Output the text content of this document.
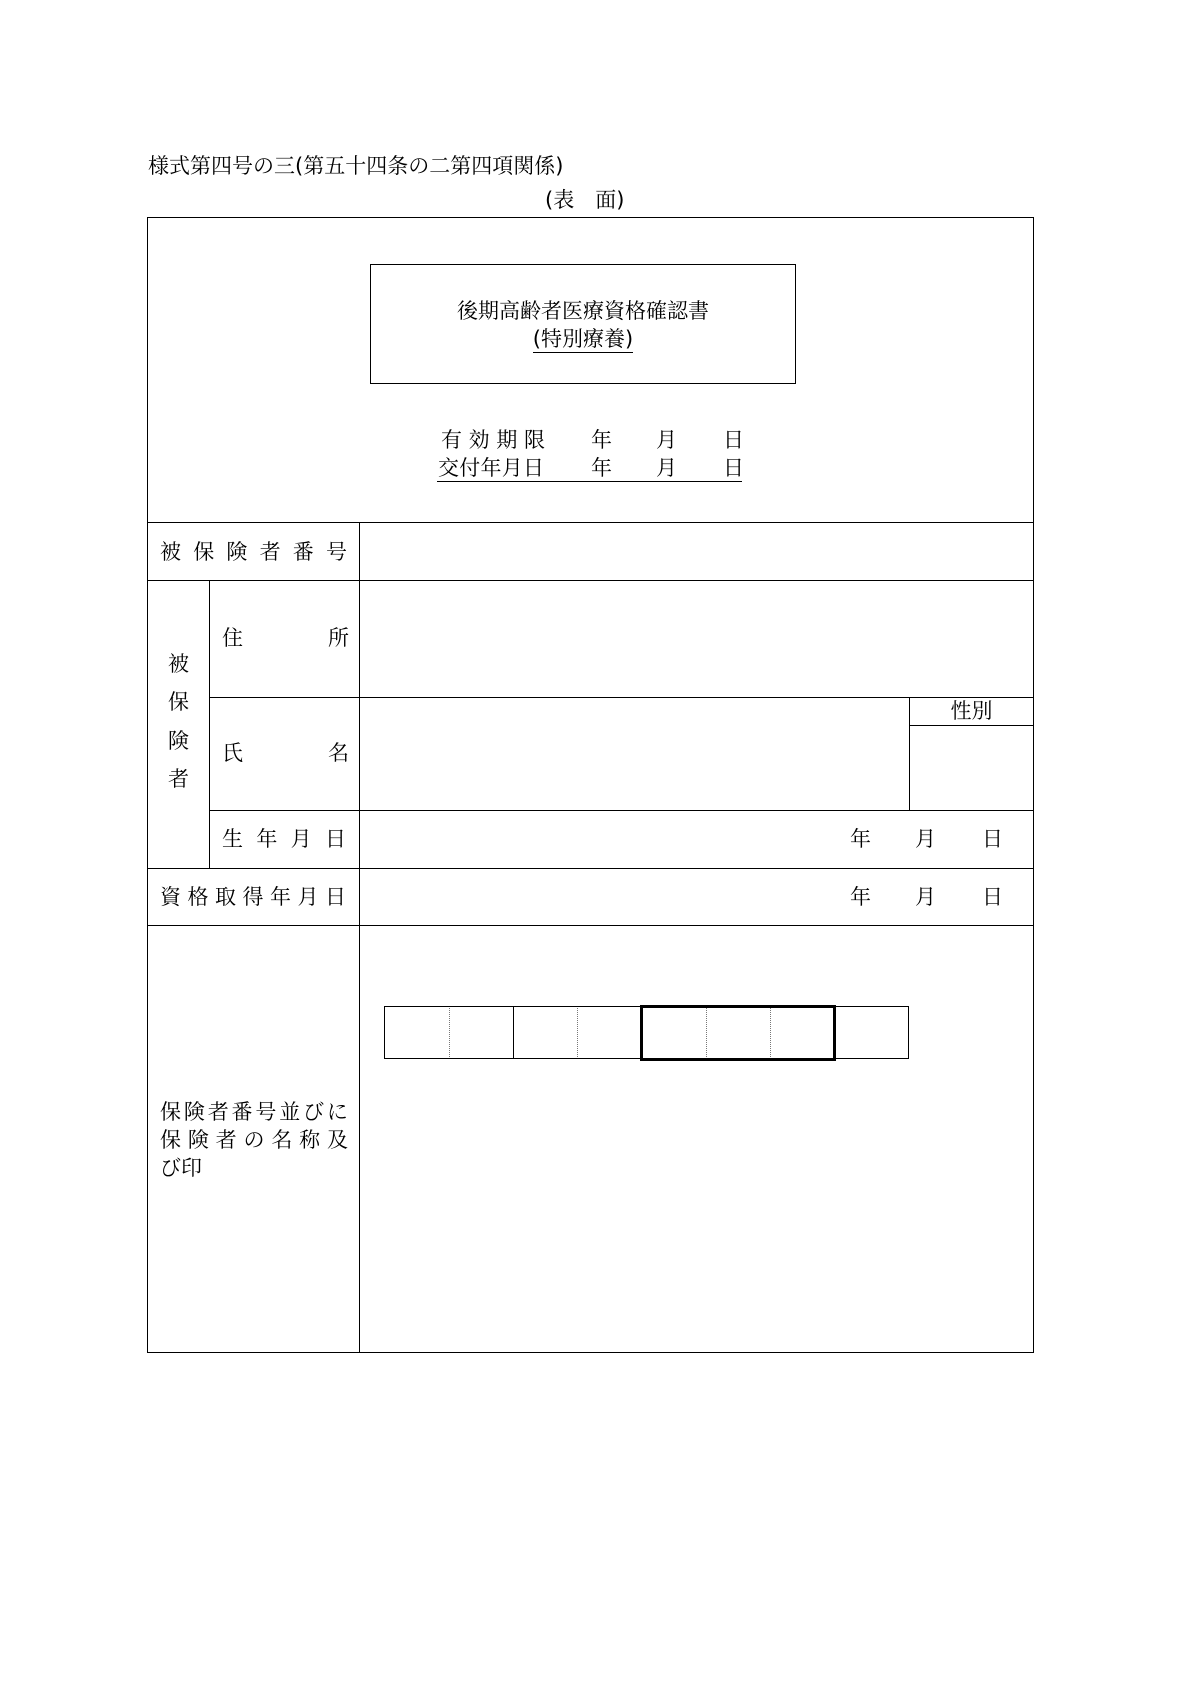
様式第四号の三(第五十四条の二第四項関係)
(表　面)
後期高齢者医療資格確認書
(特別療養)
有 効 期 限 年 月 日
交 付 年 月 日 年 月 日
被 保 険 者 番 号
被
保
険
者
住	所
氏	名
性別
生 年 月 日	年 月 日
資 格 取 得 年 月 日	年 月 日
保 険 者 番 号 並 び に
保 険 者 の 名 称 及
び印
